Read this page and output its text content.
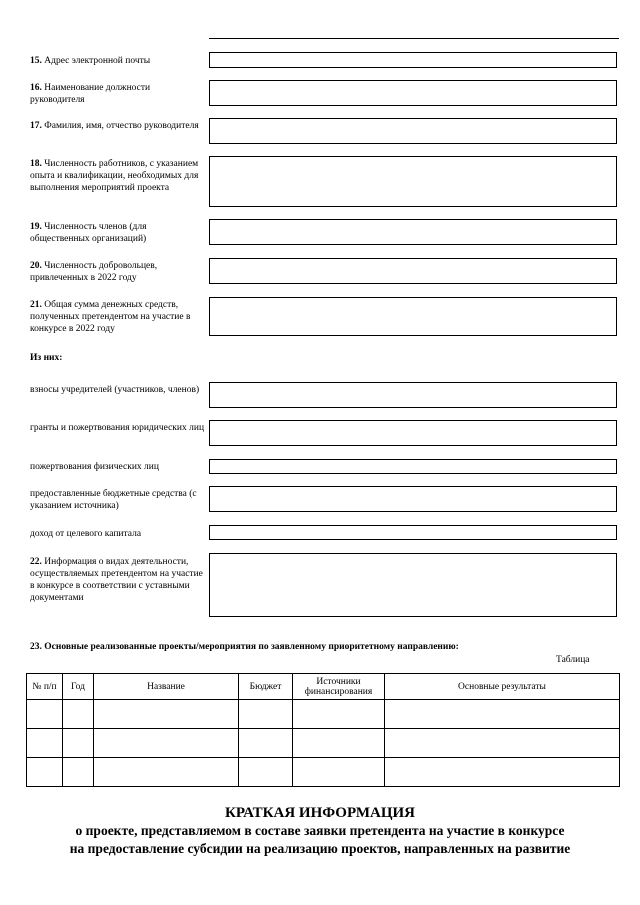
15. Адрес электронной почты
16. Наименование должности руководителя
17. Фамилия, имя, отчество руководителя
18. Численность работников, с указанием опыта и квалификации, необходимых для выполнения мероприятий проекта
19. Численность членов (для общественных организаций)
20. Численность добровольцев, привлеченных в 2022 году
21. Общая сумма денежных средств, полученных претендентом на участие в конкурсе в 2022 году
Из них:
взносы учредителей (участников, членов)
гранты и пожертвования юридических лиц
пожертвования физических лиц
предоставленные бюджетные средства (с указанием источника)
доход от целевого капитала
22. Информация о видах деятельности, осуществляемых претендентом на участие в конкурсе в соответствии с уставными документами
23. Основные реализованные проекты/мероприятия по заявленному приоритетному направлению:
Таблица
№ п/п	Год	Название	Бюджет	Источники финансирования	Основные результаты

КРАТКАЯ ИНФОРМАЦИЯ
о проекте, представляемом в составе заявки претендента на участие в конкурсе
на предоставление субсидии на реализацию проектов, направленных на развитие
